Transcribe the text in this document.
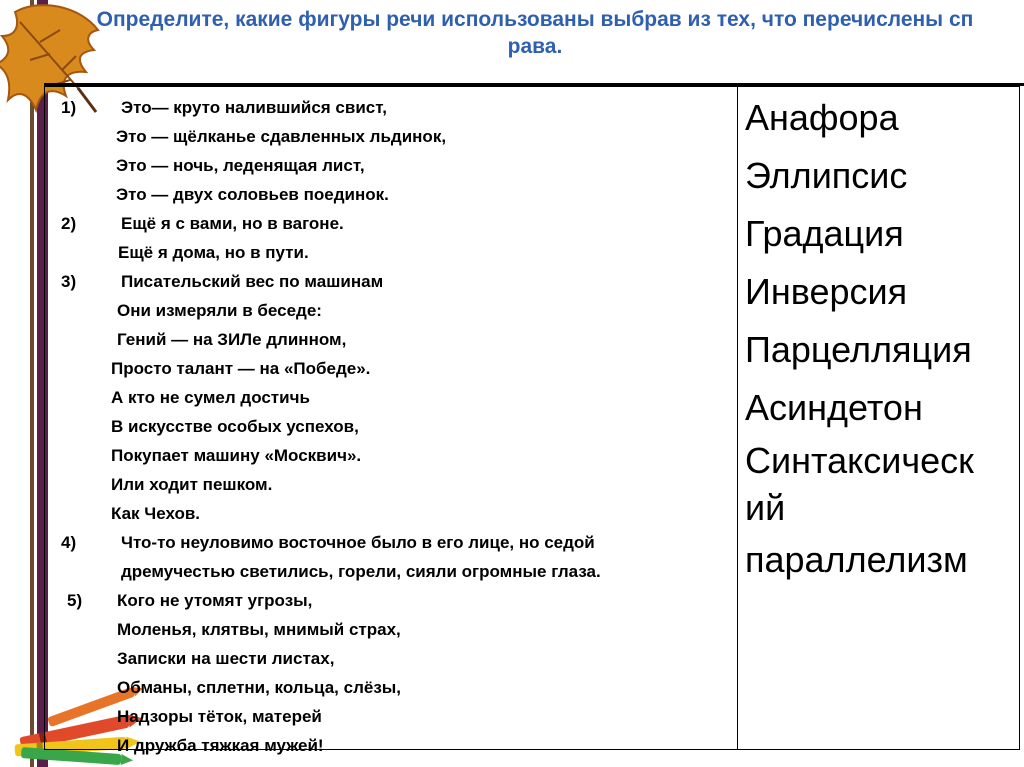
Определите, какие фигуры речи использованы выбрав из тех, что перечислены сп
рава.
1)	Это— круто налившийся свист,
Это — щёлканье сдавленных льдинок,
Это — ночь, леденящая лист,
Это — двух соловьев поединок.
2)	Ещё я с вами, но в вагоне.
Ещё я дома, но в пути.
3)	Писательский вес по машинам
Они измеряли в беседе:
Гений — на ЗИЛе длинном,
Просто талант — на «Победе».
А кто не сумел достичь
В искусстве особых успехов,
Покупает машину «Москвич».
Или ходит пешком.
Как Чехов.
4)	Что-то неуловимо восточное было в его лице, но седой
дремучестью светились, горели, сияли огромные глаза.
5) Кого не утомят угрозы,
Моленья, клятвы, мнимый страх,
Записки на шести листах,
Обманы, сплетни, кольца, слёзы,
Надзоры тёток, матерей
И дружба тяжкая мужей!
Анафора
Эллипсис
Градация
Инверсия
Парцелляция
Асиндетон
Синтаксическ ий
параллелизм
